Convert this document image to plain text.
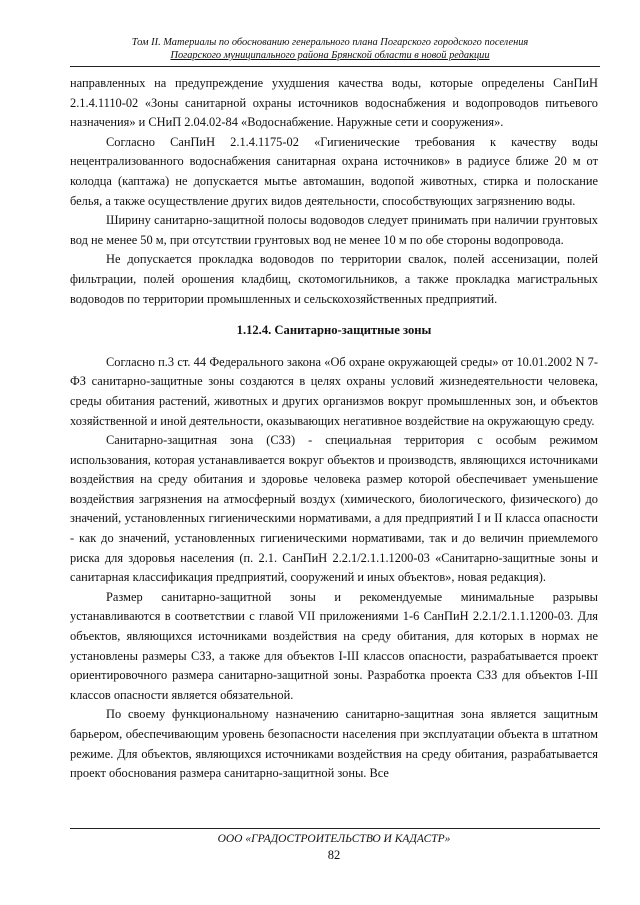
Том II. Материалы по обоснованию генерального плана Погарского городского поселения
Погарского муниципального района Брянской области в новой редакции

направленных на предупреждение ухудшения качества воды, которые определены СанПиН 2.1.4.1110-02 «Зоны санитарной охраны источников водоснабжения и водопроводов питьевого назначения» и СНиП 2.04.02-84 «Водоснабжение. Наружные сети и сооружения».

Согласно СанПиН 2.1.4.1175-02 «Гигиенические требования к качеству воды нецентрализованного водоснабжения санитарная охрана источников» в радиусе ближе 20 м от колодца (каптажа) не допускается мытье автомашин, водопой животных, стирка и полоскание белья, а также осуществление других видов деятельности, способствующих загрязнению воды.

Ширину санитарно-защитной полосы водоводов следует принимать при наличии грунтовых вод не менее 50 м, при отсутствии грунтовых вод не менее 10 м по обе стороны водопровода.

Не допускается прокладка водоводов по территории свалок, полей ассенизации, полей фильтрации, полей орошения кладбищ, скотомогильников, а также прокладка магистральных водоводов по территории промышленных и сельскохозяйственных предприятий.

1.12.4. Санитарно-защитные зоны

Согласно п.3 ст. 44 Федерального закона «Об охране окружающей среды» от 10.01.2002 N 7-ФЗ санитарно-защитные зоны создаются в целях охраны условий жизнедеятельности человека, среды обитания растений, животных и других организмов вокруг промышленных зон, и объектов хозяйственной и иной деятельности, оказывающих негативное воздействие на окружающую среду.

Санитарно-защитная зона (СЗЗ) - специальная территория с особым режимом использования, которая устанавливается вокруг объектов и производств, являющихся источниками воздействия на среду обитания и здоровье человека размер которой обеспечивает уменьшение воздействия загрязнения на атмосферный воздух (химического, биологического, физического) до значений, установленных гигиеническими нормативами, а для предприятий I и II класса опасности - как до значений, установленных гигиеническими нормативами, так и до величин приемлемого риска для здоровья населения (п. 2.1. СанПиН 2.2.1/2.1.1.1200-03 «Санитарно-защитные зоны и санитарная классификация предприятий, сооружений и иных объектов», новая редакция).

Размер санитарно-защитной зоны и рекомендуемые минимальные разрывы устанавливаются в соответствии с главой VII приложениями 1-6 СанПиН 2.2.1/2.1.1.1200-03. Для объектов, являющихся источниками воздействия на среду обитания, для которых в нормах не установлены размеры СЗЗ, а также для объектов I-III классов опасности, разрабатывается проект ориентировочного размера санитарно-защитной зоны. Разработка проекта СЗЗ для объектов I-III классов опасности является обязательной.

По своему функциональному назначению санитарно-защитная зона является защитным барьером, обеспечивающим уровень безопасности населения при эксплуатации объекта в штатном режиме. Для объектов, являющихся источниками воздействия на среду обитания, разрабатывается проект обоснования размера санитарно-защитной зоны. Все

ООО «ГРАДОСТРОИТЕЛЬСТВО И КАДАСТР»
82
